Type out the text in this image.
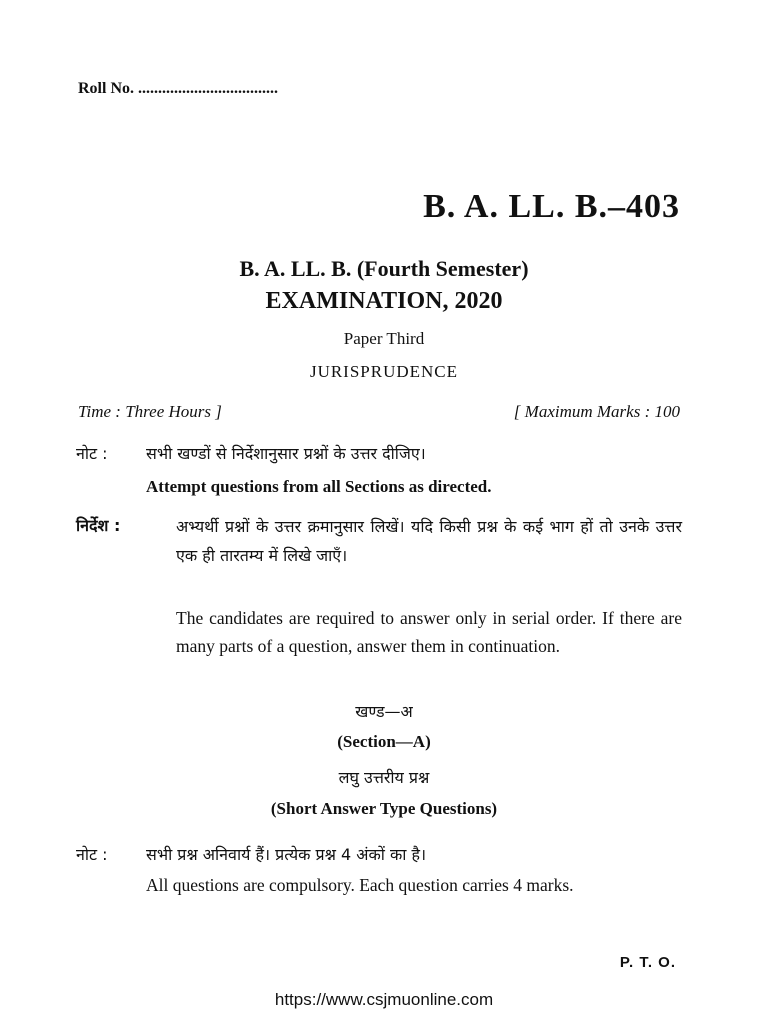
Roll No. ...................................
B. A. LL. B.–403
B. A. LL. B. (Fourth Semester)
EXAMINATION, 2020
Paper Third
JURISPRUDENCE
Time : Three Hours ]	[ Maximum Marks : 100
नोट : सभी खण्डों से निर्देशानुसार प्रश्नों के उत्तर दीजिए।
Attempt questions from all Sections as directed.
निर्देश :	अभ्यर्थी प्रश्नों के उत्तर क्रमानुसार लिखें। यदि किसी प्रश्न के कई भाग हों तो उनके उत्तर एक ही तारतम्य में लिखे जाएँ।
The candidates are required to answer only in serial order. If there are many parts of a question, answer them in continuation.
खण्ड—अ
(Section—A)
लघु उत्तरीय प्रश्न
(Short Answer Type Questions)
नोट : सभी प्रश्न अनिवार्य हैं। प्रत्येक प्रश्न 4 अंकों का है।
All questions are compulsory. Each question carries 4 marks.
P. T. O.
https://www.csjmuonline.com
